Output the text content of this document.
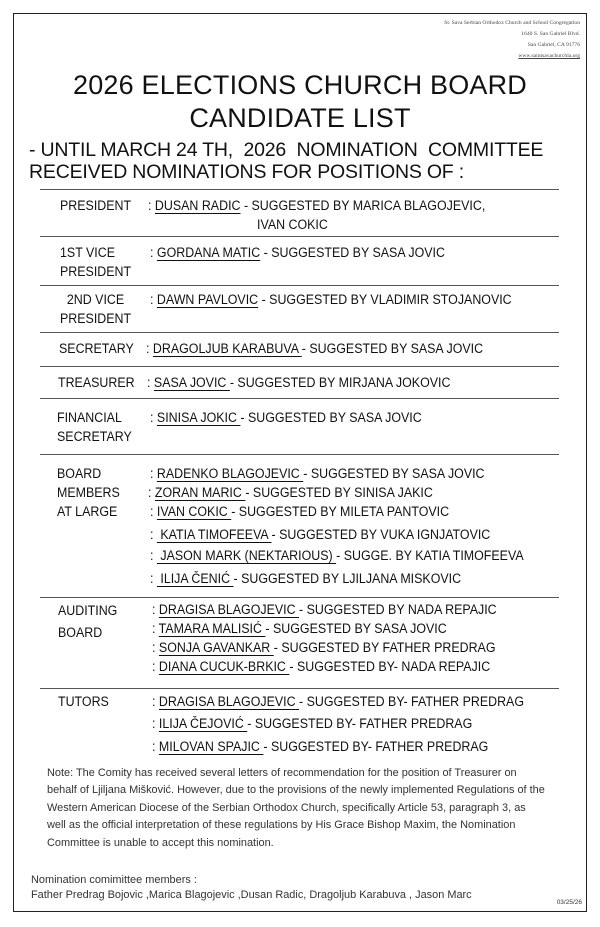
St. Sava Serbian Orthodox Church and School Congregation
1640 S. San Gabriel Blvd.
San Gabriel, CA 91776
www.saintsavachurchla.org
2026 ELECTIONS CHURCH BOARD
CANDIDATE LIST
- UNTIL MARCH 24 TH,  2026  NOMINATION  COMMITTEE
RECEIVED NOMINATIONS FOR POSITIONS OF :
PRESIDENT : DUSAN RADIC - SUGGESTED BY MARICA BLAGOJEVIC,
IVAN COKIC
1ST VICE
PRESIDENT
: GORDANA MATIC - SUGGESTED BY SASA JOVIC
2ND VICE
PRESIDENT
: DAWN PAVLOVIC - SUGGESTED BY VLADIMIR STOJANOVIC
SECRETARY : DRAGOLJUB KARABUVA - SUGGESTED BY SASA JOVIC
TREASURER : SASA JOVIC - SUGGESTED BY MIRJANA JOKOVIC
FINANCIAL
SECRETARY
: SINISA JOKIC - SUGGESTED BY SASA JOVIC
BOARD
MEMBERS
AT LARGE
: RADENKO BLAGOJEVIC - SUGGESTED BY SASA JOVIC
: ZORAN MARIC - SUGGESTED BY SINISA JAKIC
: IVAN COKIC - SUGGESTED BY MILETA PANTOVIC
:  KATIA TIMOFEEVA - SUGGESTED BY VUKA IGNJATOVIC
:  JASON MARK (NEKTARIOUS) - SUGGE. BY KATIA TIMOFEEVA
:  ILIJA ČENIĆ - SUGGESTED BY LJILJANA MISKOVIC
AUDITING
BOARD
: DRAGISA BLAGOJEVIC - SUGGESTED BY NADA REPAJIC
: TAMARA MALISIĆ - SUGGESTED BY SASA JOVIC
: SONJA GAVANKAR - SUGGESTED BY FATHER PREDRAG
: DIANA CUCUK-BRKIC - SUGGESTED BY- NADA REPAJIC
TUTORS	: DRAGISA BLAGOJEVIC - SUGGESTED BY- FATHER PREDRAG
: ILIJA ČEJOVIĆ - SUGGESTED BY- FATHER PREDRAG
: MILOVAN SPAJIC - SUGGESTED BY- FATHER PREDRAG
Note: The Comity has received several letters of recommendation for the position of Treasurer on behalf of Ljiljana Mišković. However, due to the provisions of the newly implemented Regulations of the Western American Diocese of the Serbian Orthodox Church, specifically Article 53, paragraph 3, as well as the official interpretation of these regulations by His Grace Bishop Maxim, the Nomination Committee is unable to accept this nomination.
Nomination comimittee members :
Father Predrag Bojovic ,Marica Blagojevic ,Dusan Radic, Dragoljub Karabuva , Jason Marc
03/25/26
